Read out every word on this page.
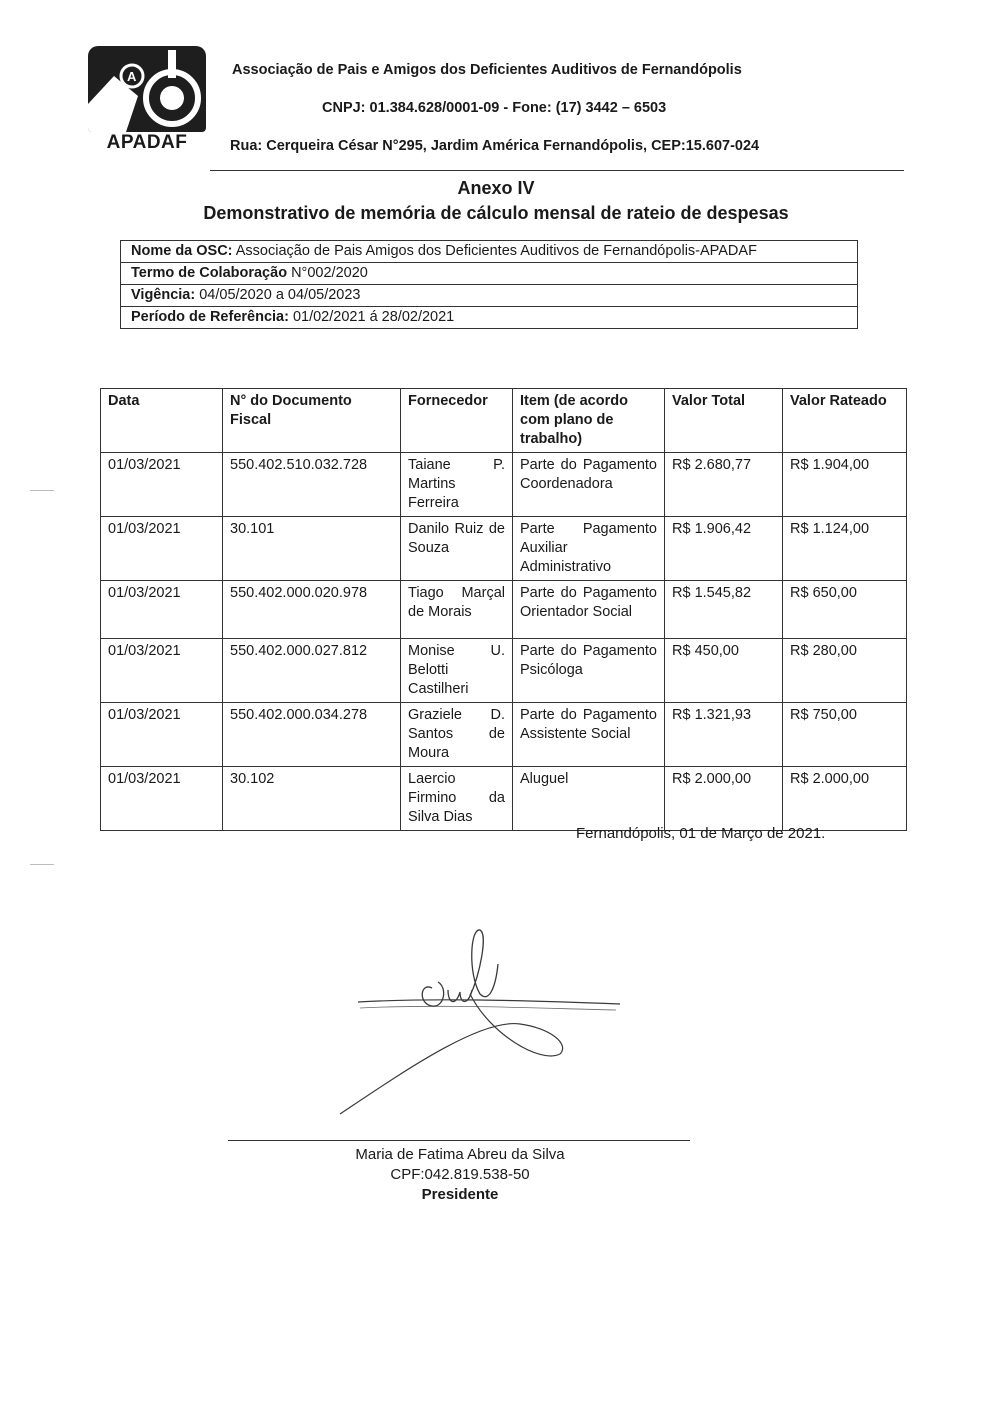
A
APADAF
Associação de Pais e Amigos dos Deficientes Auditivos de Fernandópolis
CNPJ: 01.384.628/0001-09 - Fone: (17) 3442 – 6503
Rua: Cerqueira César N°295, Jardim América Fernandópolis, CEP:15.607-024
Anexo IV
Demonstrativo de memória de cálculo mensal de rateio de despesas
Nome da OSC: Associação de Pais Amigos dos Deficientes Auditivos de Fernandópolis-APADAF
Termo de Colaboração N°002/2020
Vigência: 04/05/2020 a 04/05/2023
Período de Referência: 01/02/2021 á 28/02/2021
Data	N° do Documento Fiscal	Fornecedor	Item (de acordo com plano de trabalho)	Valor Total	Valor Rateado
01/03/2021	550.402.510.032.728	Taiane P. Martins Ferreira	Parte do Pagamento Coordenadora	R$ 2.680,77	R$ 1.904,00
01/03/2021	30.101	Danilo Ruiz de Souza	Parte Pagamento Auxiliar Administrativo	R$ 1.906,42	R$ 1.124,00
01/03/2021	550.402.000.020.978	Tiago Marçal de Morais	Parte do Pagamento Orientador Social	R$ 1.545,82	R$ 650,00
01/03/2021	550.402.000.027.812	Monise U. Belotti Castilheri	Parte do Pagamento Psicóloga	R$ 450,00	R$ 280,00
01/03/2021	550.402.000.034.278	Graziele D. Santos de Moura	Parte do Pagamento Assistente Social	R$ 1.321,93	R$ 750,00
01/03/2021	30.102	Laercio Firmino da Silva Dias	Aluguel	R$ 2.000,00	R$ 2.000,00
Fernandópolis, 01 de Março de 2021.
Maria de Fatima Abreu da Silva
CPF:042.819.538-50
Presidente
